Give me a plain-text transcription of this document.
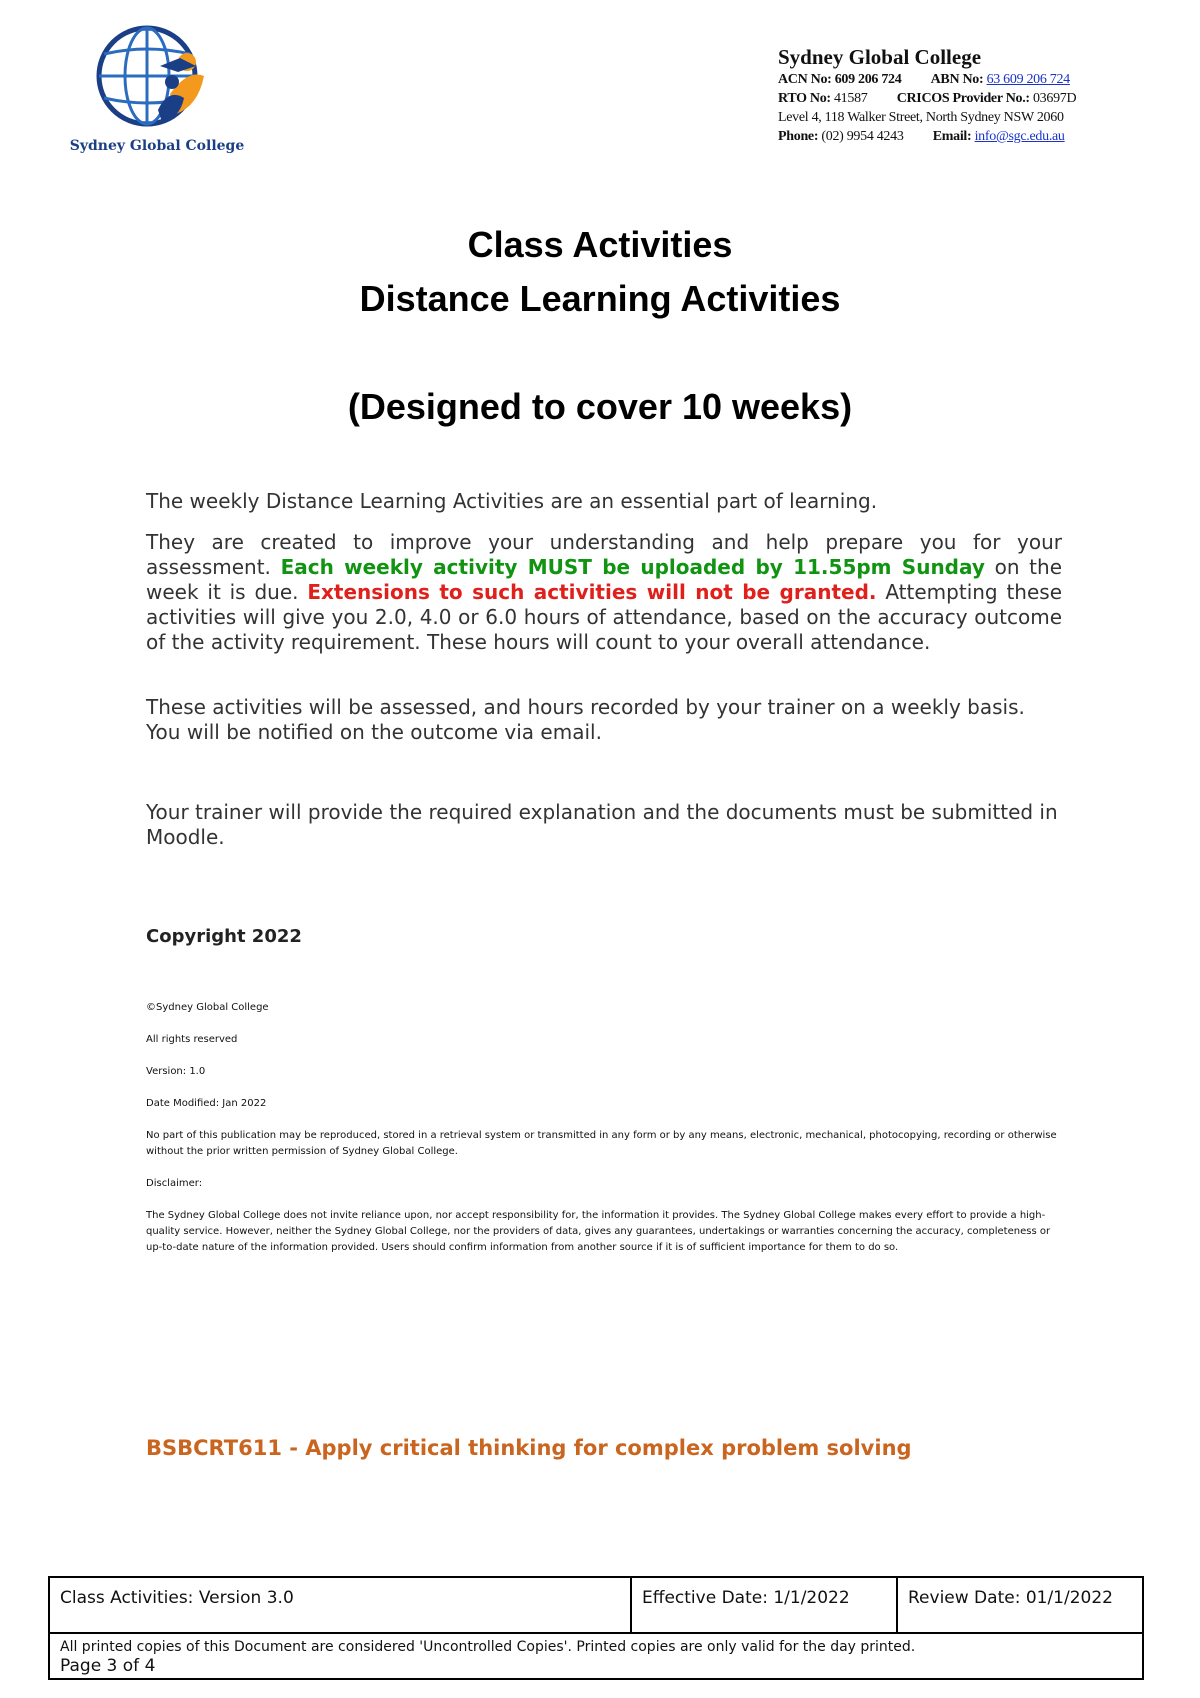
Sydney Global College
Sydney Global College
ACN No: 609 206 724 ABN No: 63 609 206 724
RTO No: 41587 CRICOS Provider No.: 03697D
Level 4, 118 Walker Street, North Sydney NSW 2060
Phone: (02) 9954 4243 Email: info@sgc.edu.au
Class Activities
Distance Learning Activities
(Designed to cover 10 weeks)
The weekly Distance Learning Activities are an essential part of learning.
They are created to improve your understanding and help prepare you for your assessment. Each weekly activity MUST be uploaded by 11.55pm Sunday on the week it is due. Extensions to such activities will not be granted. Attempting these activities will give you 2.0, 4.0 or 6.0 hours of attendance, based on the accuracy outcome of the activity requirement. These hours will count to your overall attendance.
These activities will be assessed, and hours recorded by your trainer on a weekly basis. You will be notified on the outcome via email.
Your trainer will provide the required explanation and the documents must be submitted in Moodle.
Copyright 2022
©Sydney Global College
All rights reserved
Version: 1.0
Date Modified: Jan 2022
No part of this publication may be reproduced, stored in a retrieval system or transmitted in any form or by any means, electronic, mechanical, photocopying, recording or otherwise without the prior written permission of Sydney Global College.
Disclaimer:
The Sydney Global College does not invite reliance upon, nor accept responsibility for, the information it provides. The Sydney Global College makes every effort to provide a high-quality service. However, neither the Sydney Global College, nor the providers of data, gives any guarantees, undertakings or warranties concerning the accuracy, completeness or up-to-date nature of the information provided. Users should confirm information from another source if it is of sufficient importance for them to do so.
BSBCRT611 - Apply critical thinking for complex problem solving
Class Activities: Version 3.0	Effective Date: 1/1/2022	Review Date: 01/1/2022
All printed copies of this Document are considered 'Uncontrolled Copies'. Printed copies are only valid for the day printed.
Page 3 of 4
